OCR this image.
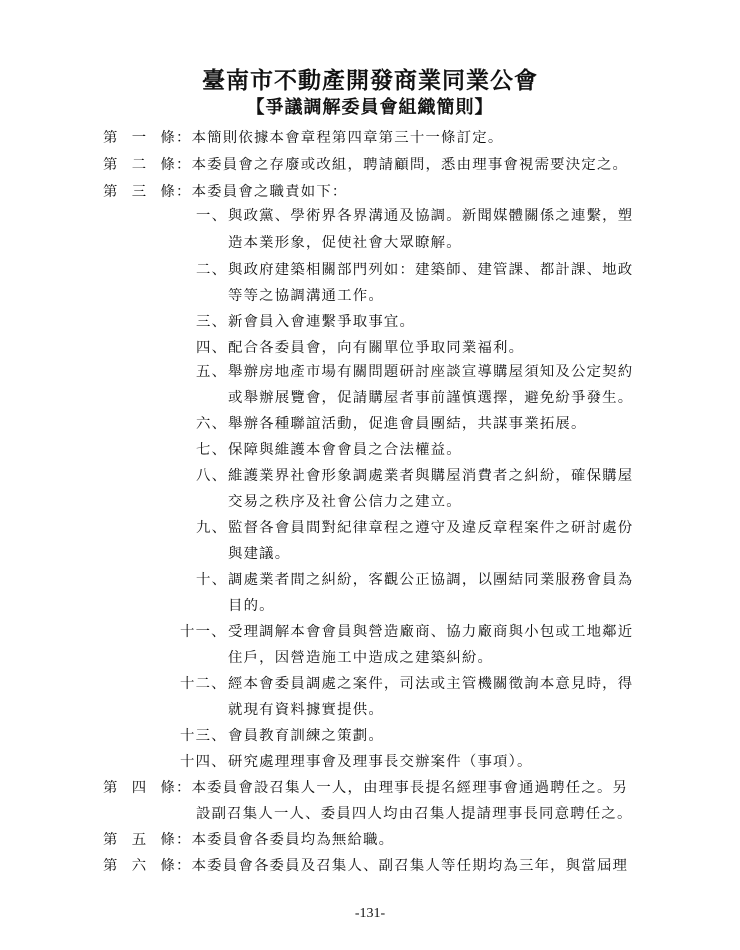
臺南市不動產開發商業同業公會
【爭議調解委員會組織簡則】
第 一 條 ：本簡則依據本會章程第四章第三十一條訂定。
第 二 條 ：本委員會之存廢或改組，聘請顧問，悉由理事會視需要決定之。
第 三 條 ：本委員會之職責如下：
一、 與政黨、學術界各界溝通及協調。新聞媒體關係之連繫，塑
造本業形象，促使社會大眾瞭解。
二、 與政府建築相關部門列如：建築師、建管課、都計課、地政
等等之協調溝通工作。
三、 新會員入會連繫爭取事宜。
四、 配合各委員會，向有關單位爭取同業福利。
五、 舉辦房地產市場有關問題研討座談宣導購屋須知及公定契約
或舉辦展覽會，促請購屋者事前謹慎選擇，避免紛爭發生。
六、 舉辦各種聯誼活動，促進會員團結，共謀事業拓展。
七、 保障與維護本會會員之合法權益。
八、 維護業界社會形象調處業者與購屋消費者之糾紛，確保購屋
交易之秩序及社會公信力之建立。
九、 監督各會員間對紀律章程之遵守及違反章程案件之研討處份
與建議。
十、 調處業者間之糾紛，客觀公正協調，以團結同業服務會員為
目的。
十一、 受理調解本會會員與營造廠商、協力廠商與小包或工地鄰近
住戶，因營造施工中造成之建築糾紛。
十二、 經本會委員調處之案件，司法或主管機關徵詢本意見時，得
就現有資料據實提供。
十三、 會員教育訓練之策劃。
十四、 研究處理理事會及理事長交辦案件（事項）。
第 四 條 ：本委員會設召集人一人，由理事長提名經理事會通過聘任之。另
設副召集人一人、委員四人均由召集人提請理事長同意聘任之。
第 五 條 ：本委員會各委員均為無給職。
第 六 條 ：本委員會各委員及召集人、副召集人等任期均為三年，與當屆理
-131-
